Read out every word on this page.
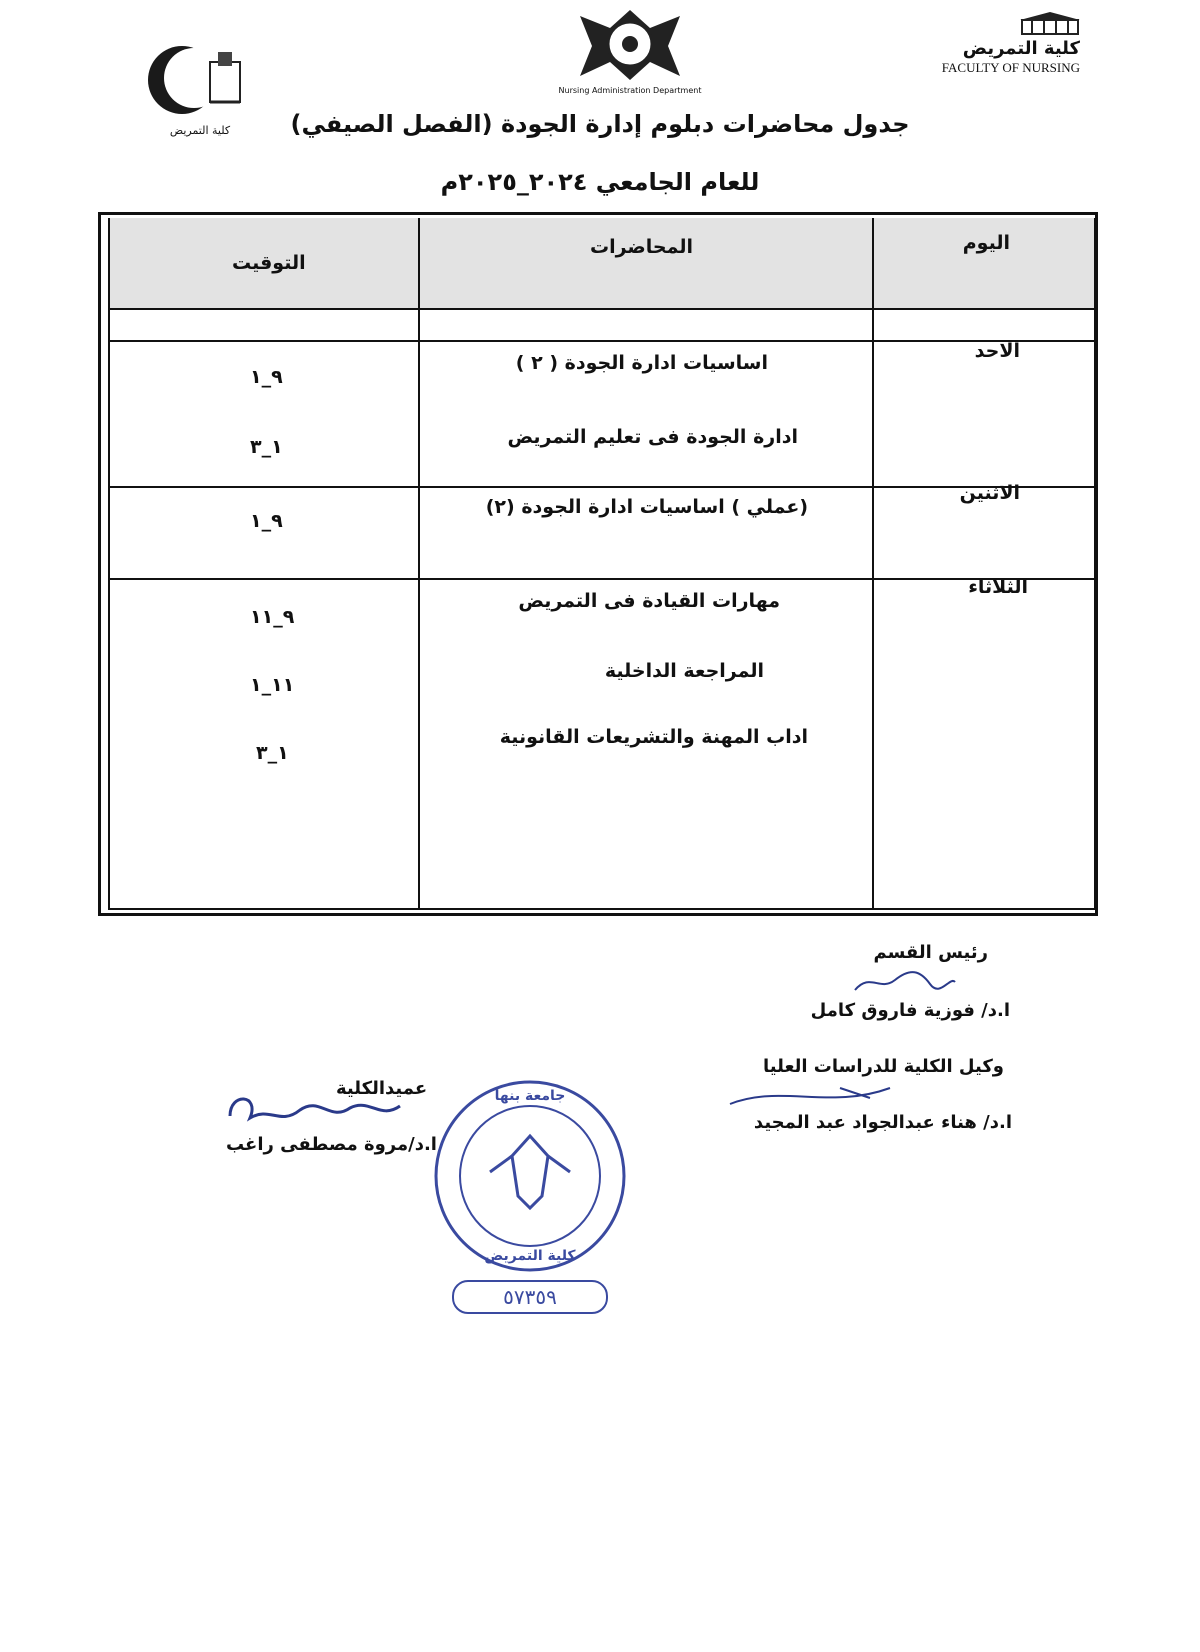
كلية التمريض
Nursing Administration Department
كلية التمريض
FACULTY OF NURSING
جدول محاضرات دبلوم إدارة الجودة (الفصل الصيفي)
للعام الجامعي ٢٠٢٤_٢٠٢٥م
اليوم
المحاضرات
التوقيت
الاحد
اساسيات ادارة الجودة ( ٢ )
ادارة الجودة فى تعليم التمريض
٩_١
١_٣
الاثنين
(عملي ) اساسيات ادارة الجودة (٢)
٩_١
الثلاثاء
مهارات القيادة فى التمريض
المراجعة الداخلية
اداب المهنة والتشريعات القانونية
٩_١١
١١_١
١_٣
رئيس القسم
ا.د/ فوزية فاروق كامل
وكيل الكلية للدراسات العليا
ا.د/ هناء عبدالجواد عبد المجيد
عميدالكلية
ا.د/مروة مصطفى راغب
جامعة بنها
كلية التمريض
٥٧٣٥٩
